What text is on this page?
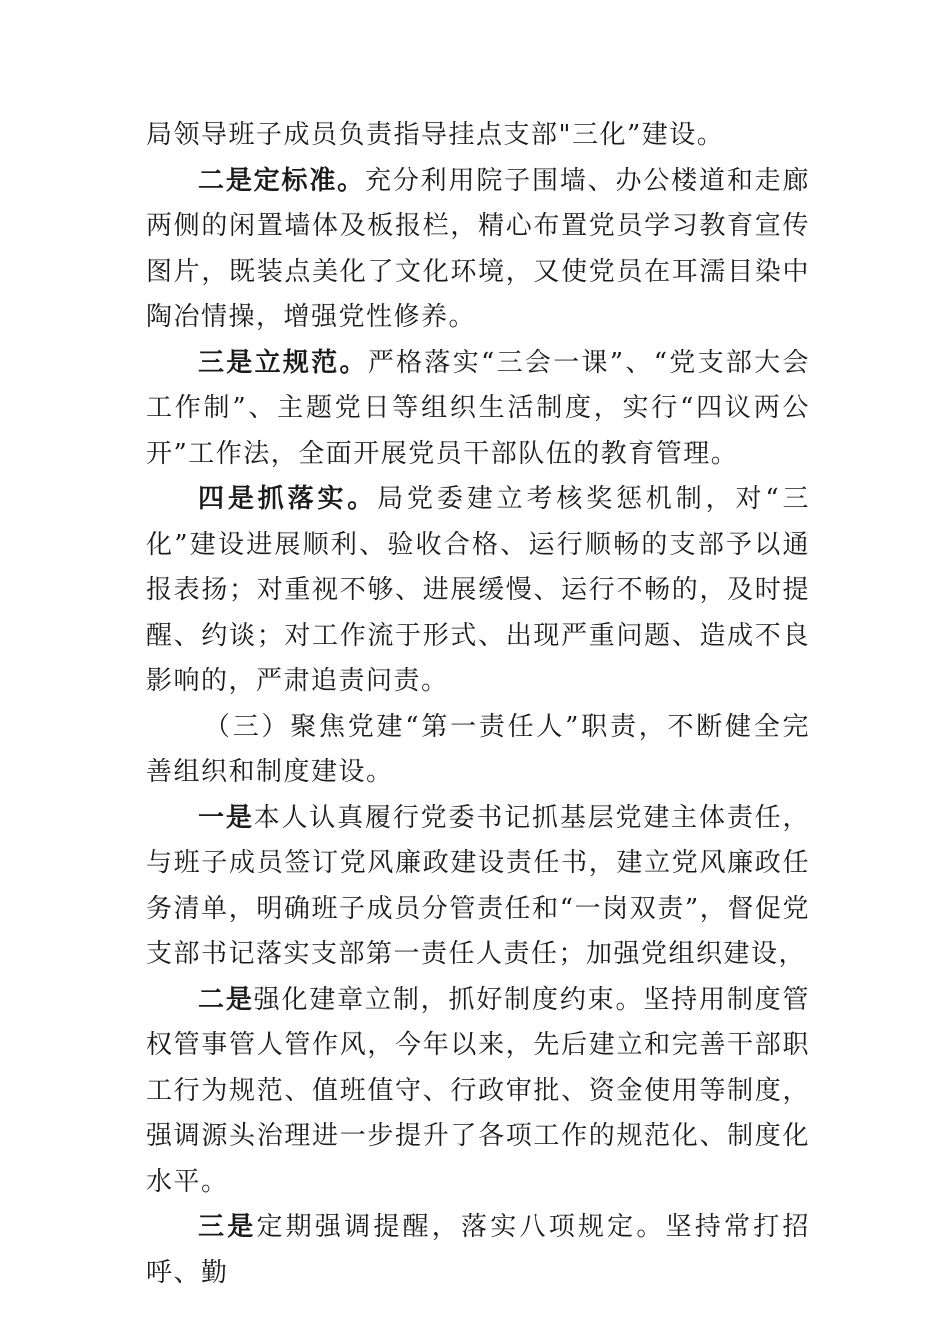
局领导班子成员负责指导挂点支部"三化”建设。

二是定标准。充分利用院子围墙、办公楼道和走廊两侧的闲置墙体及板报栏，精心布置党员学习教育宣传图片，既装点美化了文化环境，又使党员在耳濡目染中陶冶情操，增强党性修养。

三是立规范。严格落实“三会一课”、“党支部大会工作制”、主题党日等组织生活制度，实行“四议两公开”工作法，全面开展党员干部队伍的教育管理。

四是抓落实。局党委建立考核奖惩机制，对“三化”建设进展顺利、验收合格、运行顺畅的支部予以通报表扬；对重视不够、进展缓慢、运行不畅的，及时提醒、约谈；对工作流于形式、出现严重问题、造成不良影响的，严肃追责问责。

（三）聚焦党建“第一责任人”职责，不断健全完善组织和制度建设。

一是本人认真履行党委书记抓基层党建主体责任，与班子成员签订党风廉政建设责任书，建立党风廉政任务清单，明确班子成员分管责任和“一岗双责”，督促党支部书记落实支部第一责任人责任；加强党组织建设，

二是强化建章立制，抓好制度约束。坚持用制度管权管事管人管作风，今年以来，先后建立和完善干部职工行为规范、值班值守、行政审批、资金使用等制度，强调源头治理进一步提升了各项工作的规范化、制度化水平。

三是定期强调提醒，落实八项规定。坚持常打招呼、勤
